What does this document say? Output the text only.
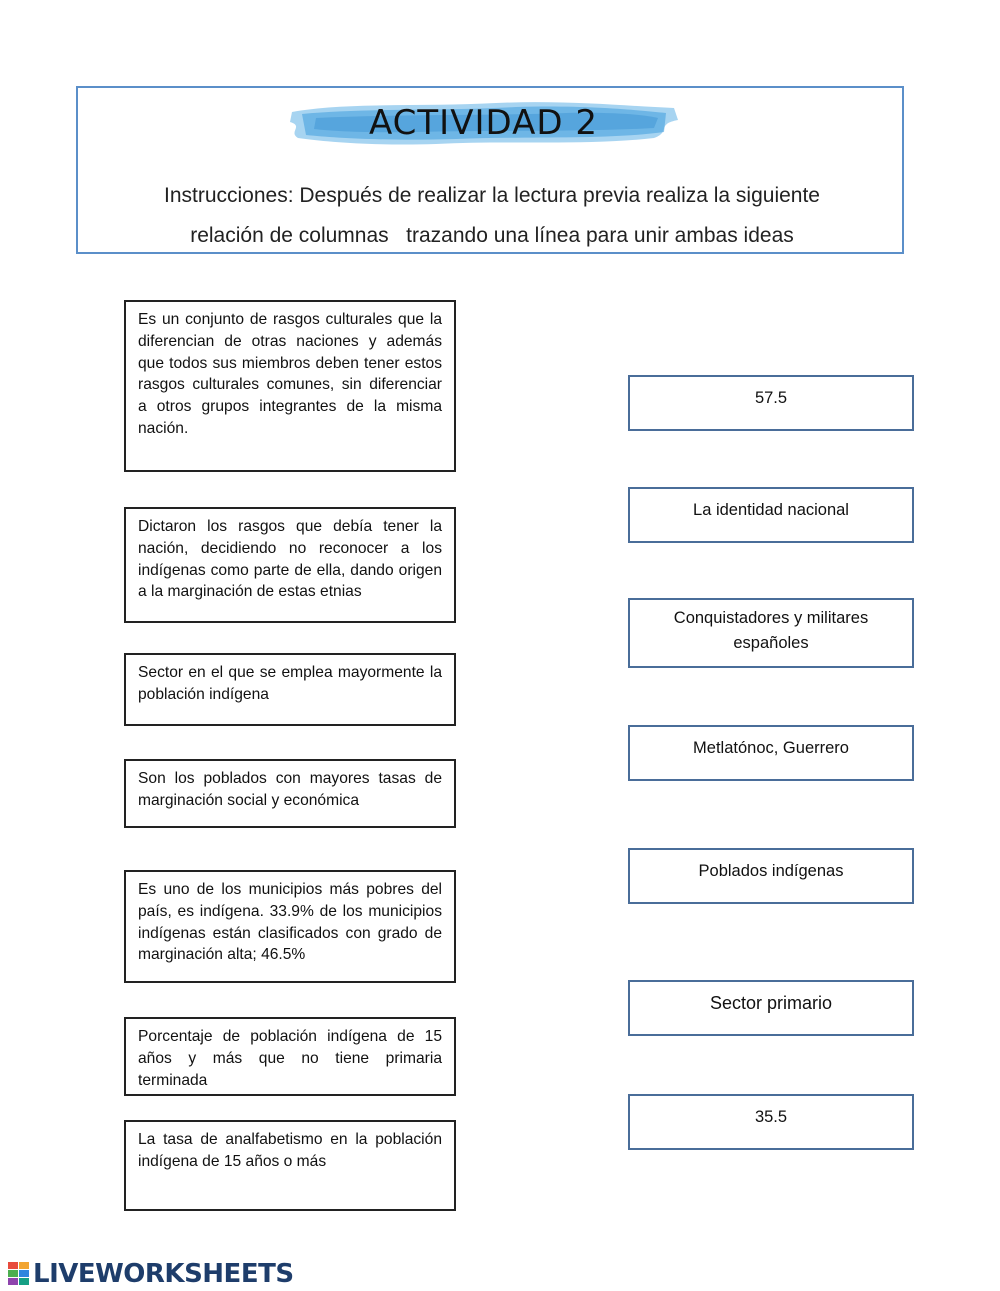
ACTIVIDAD 2
Instrucciones: Después de realizar la lectura previa realiza la siguiente
relación de columnas   trazando una línea para unir ambas ideas
Es un conjunto de rasgos culturales que la diferencian de otras naciones y además que todos sus miembros deben tener estos rasgos culturales comunes, sin diferenciar a otros grupos integrantes de la misma nación.
Dictaron los rasgos que debía tener la nación, decidiendo no reconocer a los indígenas como parte de ella, dando origen a la marginación de estas etnias
Sector en el que se emplea mayormente la población indígena
Son los poblados con mayores tasas de marginación social y económica
Es uno de los municipios más pobres del país, es indígena. 33.9% de los municipios indígenas están clasificados con grado de marginación alta; 46.5%
Porcentaje de población indígena de 15 años y más que no tiene primaria terminada
La tasa de analfabetismo en la población indígena de 15 años o más
57.5
La identidad nacional
Conquistadores y militares españoles
Metlatónoc, Guerrero
Poblados indígenas
Sector primario
35.5
LIVEWORKSHEETS
